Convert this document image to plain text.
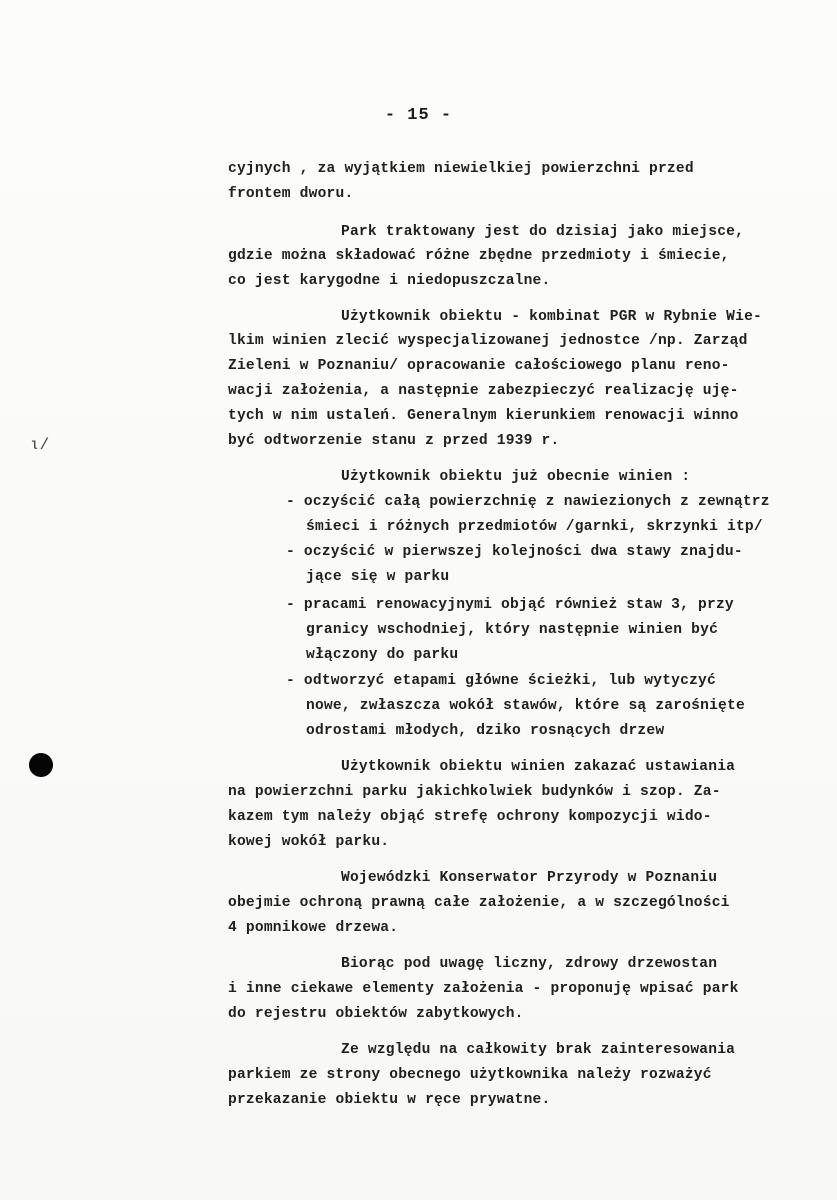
- 15 -
ɩ/
cyjnych , za wyjątkiem niewielkiej powierzchni przed
frontem dworu.
Park traktowany jest do dzisiaj jako miejsce,
gdzie można składować różne zbędne przedmioty i śmiecie,
co jest karygodne i niedopuszczalne.
Użytkownik obiektu - kombinat PGR w Rybnie Wie-
lkim winien zlecić wyspecjalizowanej jednostce /np. Zarząd
Zieleni w Poznaniu/ opracowanie całościowego planu reno-
wacji założenia, a następnie zabezpieczyć realizację uję-
tych w nim ustaleń. Generalnym kierunkiem renowacji winno
być odtworzenie stanu z przed 1939 r.
Użytkownik obiektu już obecnie winien :
- oczyścić całą powierzchnię z nawiezionych z zewnątrz
śmieci i różnych przedmiotów /garnki, skrzynki itp/
- oczyścić w pierwszej kolejności dwa stawy znajdu-
jące się w parku
- pracami renowacyjnymi objąć również staw 3, przy
granicy wschodniej, który następnie winien być
włączony do parku
- odtworzyć etapami główne ścieżki, lub wytyczyć
nowe, zwłaszcza wokół stawów, które są zarośnięte
odrostami młodych, dziko rosnących drzew
Użytkownik obiektu winien zakazać ustawiania
na powierzchni parku jakichkolwiek budynków i szop. Za-
kazem tym należy objąć strefę ochrony kompozycji wido-
kowej wokół parku.
Wojewódzki Konserwator Przyrody w Poznaniu
obejmie ochroną prawną całe założenie, a w szczególności
4 pomnikowe drzewa.
Biorąc pod uwagę liczny, zdrowy drzewostan
i inne ciekawe elementy założenia - proponuję wpisać park
do rejestru obiektów zabytkowych.
Ze względu na całkowity brak zainteresowania
parkiem ze strony obecnego użytkownika należy rozważyć
przekazanie obiektu w ręce prywatne.
